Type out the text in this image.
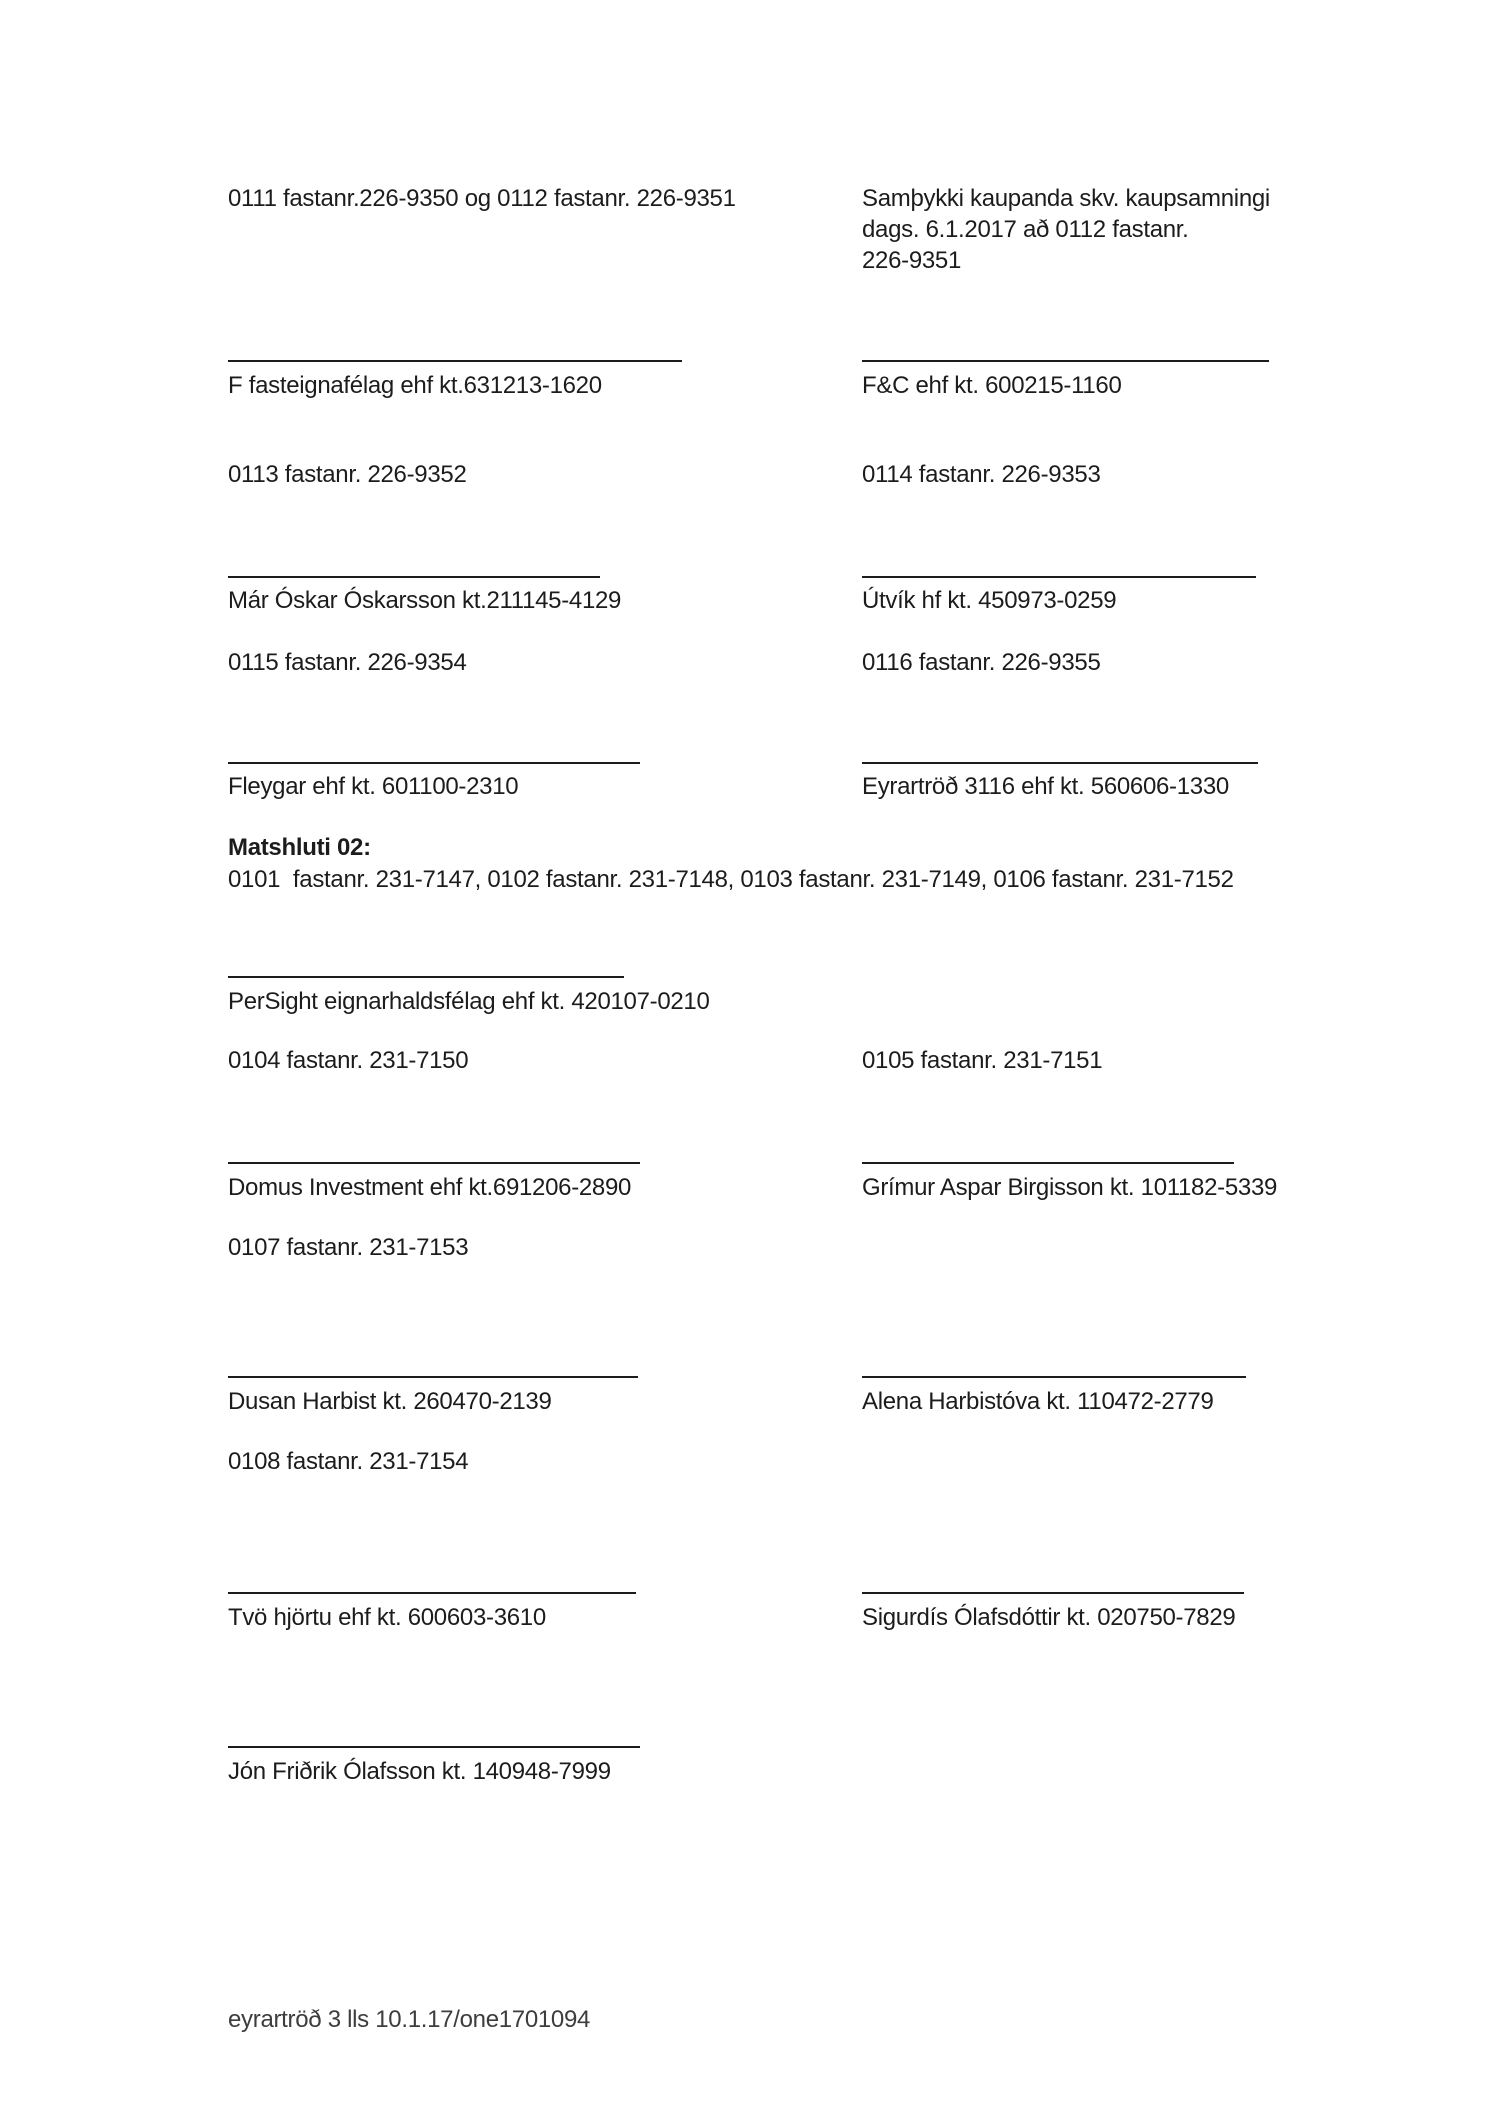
0111 fastanr.226-9350 og 0112 fastanr. 226-9351	Samþykki kaupanda skv. kaupsamningi
dags. 6.1.2017 að 0112 fastanr.
226-9351
F fasteignafélag ehf kt.631213-1620	F&C ehf kt. 600215-1160
0113 fastanr. 226-9352	0114 fastanr. 226-9353
Már Óskar Óskarsson kt.211145-4129	Útvík hf kt. 450973-0259
0115 fastanr. 226-9354	0116 fastanr. 226-9355
Fleygar ehf kt. 601100-2310	Eyrartröð 3116 ehf kt. 560606-1330
Matshluti 02:
0101  fastanr. 231-7147, 0102 fastanr. 231-7148, 0103 fastanr. 231-7149, 0106 fastanr. 231-7152
PerSight eignarhaldsfélag ehf kt. 420107-0210
0104 fastanr. 231-7150	0105 fastanr. 231-7151
Domus Investment ehf kt.691206-2890	Grímur Aspar Birgisson kt. 101182-5339
0107 fastanr. 231-7153
Dusan Harbist kt. 260470-2139	Alena Harbistóva kt. 110472-2779
0108 fastanr. 231-7154
Tvö hjörtu ehf kt. 600603-3610	Sigurdís Ólafsdóttir kt. 020750-7829
Jón Friðrik Ólafsson kt. 140948-7999
eyrartröð 3 lls 10.1.17/one1701094
